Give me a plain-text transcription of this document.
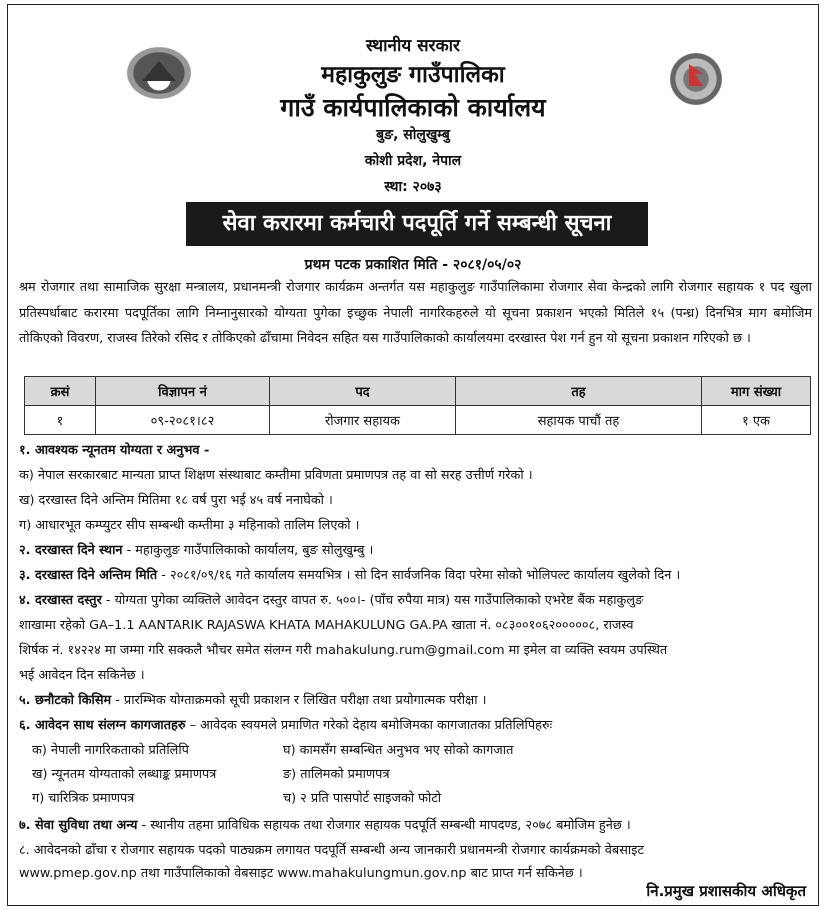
स्थानीय सरकार
महाकुलुङ गाउँपालिका
गाउँ कार्यपालिकाको कार्यालय
बुङ, सोलुखुम्बु
कोशी प्रदेश, नेपाल
स्था: २०७३
सेवा करारमा कर्मचारी पदपूर्ति गर्ने सम्बन्धी सूचना
प्रथम पटक प्रकाशित मिति - २०८१/०५/०२
श्रम रोजगार तथा सामाजिक सुरक्षा मन्त्रालय, प्रधानमन्त्री रोजगार कार्यक्रम अन्तर्गत यस महाकुलुङ गाउँपालिकामा रोजगार सेवा केन्द्रको लागि रोजगार सहायक १ पद खुला प्रतिस्पर्धाबाट करारमा पदपूर्तिका लागि निम्नानुसारको योग्यता पुगेका इच्छुक नेपाली नागरिकहरुले यो सूचना प्रकाशन भएको मितिले १५ (पन्ध्र) दिनभित्र माग बमोजिम तोकिएको विवरण, राजस्व तिरेको रसिद र तोकिएको ढाँचामा निवेदन सहित यस गाउँपालिकाको कार्यालयमा दरखास्त पेश गर्न हुन यो सूचना प्रकाशन गरिएको छ ।
क्रसं	विज्ञापन नं	पद	तह	माग संख्या
१	०९-२०८१।८२	रोजगार सहायक	सहायक पाचौं तह	१ एक
१. आवश्यक न्यूनतम योग्यता र अनुभव -
क) नेपाल सरकारबाट मान्यता प्राप्त शिक्षण संस्थाबाट कम्तीमा प्रविणता प्रमाणपत्र तह वा सो सरह उत्तीर्ण गरेको ।
ख) दरखास्त दिने अन्तिम मितिमा १८ वर्ष पुरा भई ४५ वर्ष ननाघेको ।
ग) आधारभूत कम्प्युटर सीप सम्बन्धी कम्तीमा ३ महिनाको तालिम लिएको ।
२. दरखास्त दिने स्थान - महाकुलुङ गाउँपालिकाको कार्यालय, बुङ सोलुखुम्बु ।
३. दरखास्त दिने अन्तिम मिति - २०८१/०९/१६ गते कार्यालय समयभित्र । सो दिन सार्वजनिक विदा परेमा सोको भोलिपल्ट कार्यालय खुलेको दिन ।
४. दरखास्त दस्तुर - योग्यता पुगेका व्यक्तिले आवेदन दस्तुर वापत रु. ५००।- (पाँच रुपैया मात्र) यस गाउँपालिकाको एभरेष्ट बैंक महाकुलुङ
शाखामा रहेको GA–1.1 AANTARIK RAJASWA KHATA MAHAKULUNG GA.PA खाता नं. ०८३००१०६२०००००८, राजस्व
शिर्षक नं. १४२२४ मा जम्मा गरि सक्कलै भौचर समेत संलग्न गरी mahakulung.rum@gmail.com मा इमेल वा व्यक्ति स्वयम उपस्थित
भई आवेदन दिन सकिनेछ ।
५. छनौटको किसिम - प्रारम्भिक योग्ताक्रमको सूची प्रकाशन र लिखित परीक्षा तथा प्रयोगात्मक परीक्षा ।
६. आवेदन साथ संलग्न कागजातहरु – आवेदक स्वयमले प्रमाणित गरेको देहाय बमोजिमका कागजातका प्रतिलिपिहरुः
क) नेपाली नागरिकताको प्रतिलिपि
ख) न्यूनतम योग्यताको लब्धाङ्क प्रमाणपत्र
ग) चारित्रिक प्रमाणपत्र
घ) कामसँग सम्बन्धित अनुभव भए सोको कागजात
ङ) तालिमको प्रमाणपत्र
च) २ प्रति पासपोर्ट साइजको फोटो
७. सेवा सुविधा तथा अन्य - स्थानीय तहमा प्राविधिक सहायक तथा रोजगार सहायक पदपूर्ति सम्बन्धी मापदण्ड, २०७८ बमोजिम हुनेछ ।
८. आवेदनको ढाँचा र रोजगार सहायक पदको पाठ्यक्रम लगायत पदपूर्ति सम्बन्धी अन्य जानकारी प्रधानमन्त्री रोजगार कार्यक्रमको वेबसाइट
www.pmep.gov.np तथा गाउँपालिकाको वेबसाइट www.mahakulungmun.gov.np बाट प्राप्त गर्न सकिनेछ ।
नि.प्रमुख प्रशासकीय अधिकृत
